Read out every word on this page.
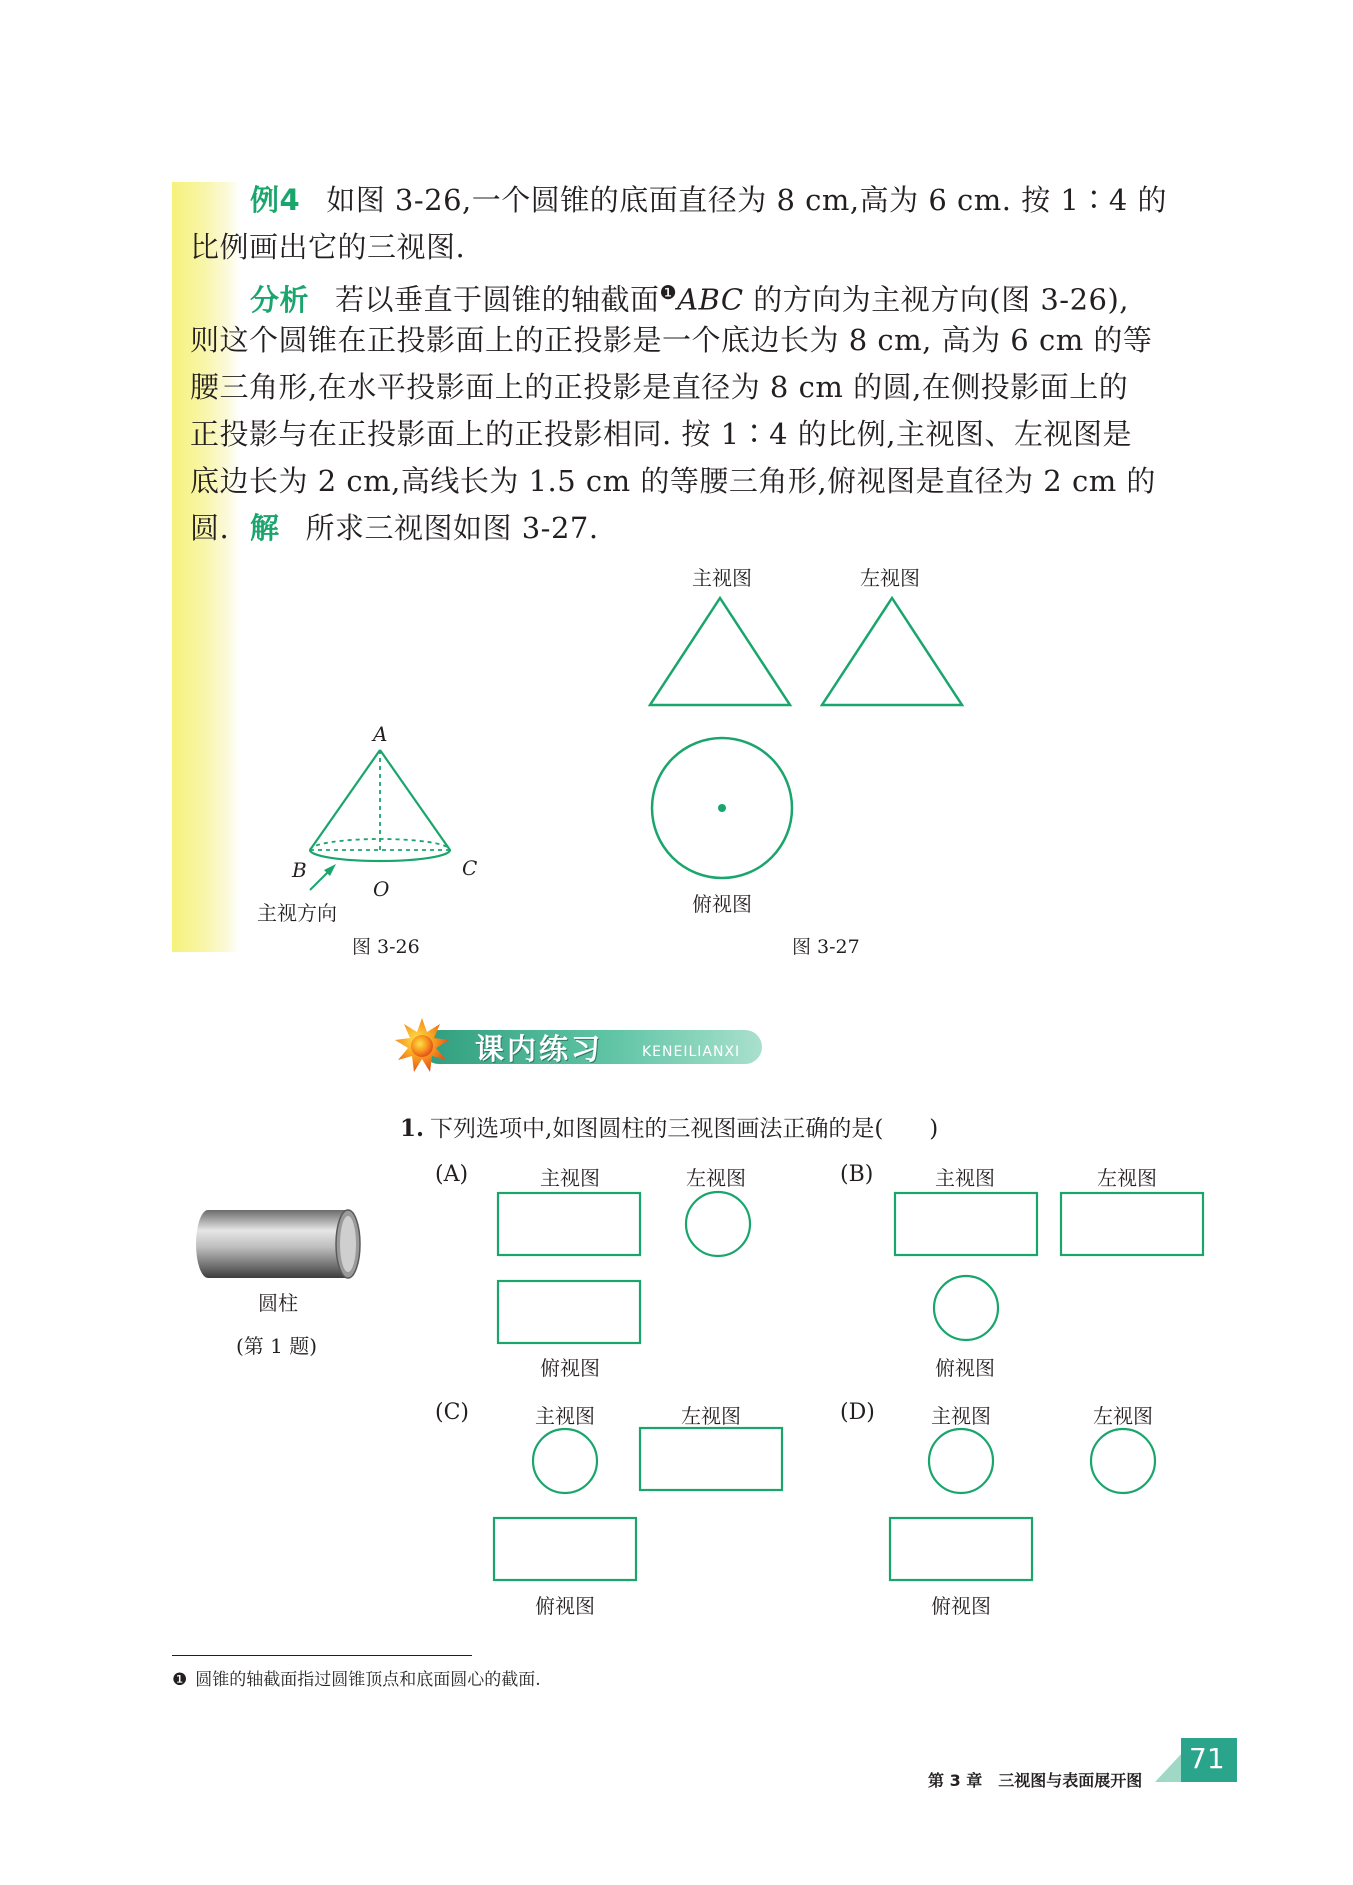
例4 如图 3-26,一个圆锥的底面直径为 8 cm,高为 6 cm. 按 1∶4 的
比例画出它的三视图.
分析 若以垂直于圆锥的轴截面$^❶$ABC 的方向为主视方向(图 3-26),
则这个圆锥在正投影面上的正投影是一个底边长为 8 cm, 高为 6 cm 的等
腰三角形,在水平投影面上的正投影是直径为 8 cm 的圆,在侧投影面上的
正投影与在正投影面上的正投影相同. 按 1∶4 的比例,主视图、左视图是
底边长为 2 cm,高线长为 1.5 cm 的等腰三角形,俯视图是直径为 2 cm 的圆. 解 所求三视图如图 3-27.
A
B	C
O
主视方向
图 3-26
主视图	左视图
俯视图
图 3-27
课内练习	KENEILIANXI
1. 下列选项中,如图圆柱的三视图画法正确的是(　　)
圆柱
(第 1 题)
(A)	主视图	左视图
俯视图
(B)	主视图	左视图
俯视图
(C)	主视图	左视图
俯视图
(D)	主视图	左视图
俯视图
❶ 圆锥的轴截面指过圆锥顶点和底面圆心的截面.
第 3 章　三视图与表面展开图
71
